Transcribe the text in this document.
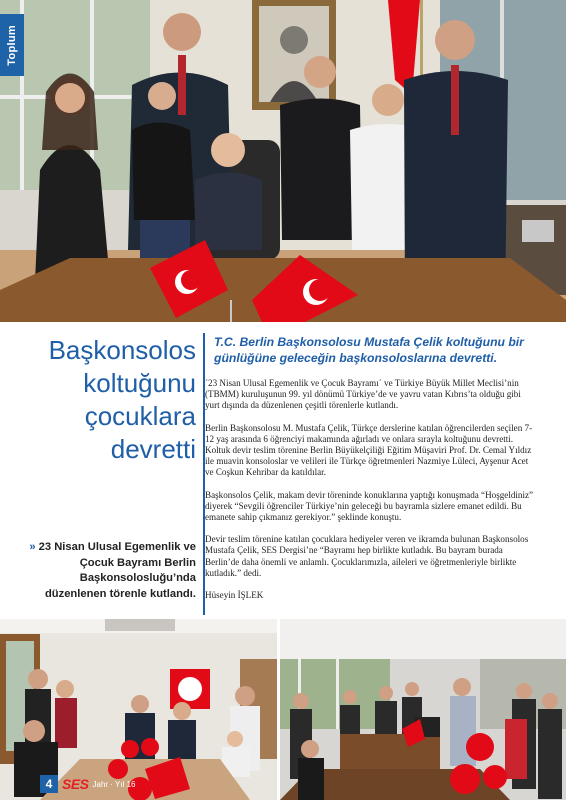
Toplum
Başkonsolos
koltuğunu
çocuklara
devretti
T.C. Berlin Başkonsolosu Mustafa Çelik koltuğunu bir günlüğüne geleceğin başkonsoloslarına devretti.

´23 Nisan Ulusal Egemenlik ve Çocuk Bayramı´ ve Türkiye Büyük Millet Meclisi’nin (TBMM) kuruluşunun 99. yıl dönümü Türkiye’de ve yavru vatan Kıbrıs’ta olduğu gibi yurt dışında da düzenlenen çeşitli törenlerle kutlandı.

Berlin Başkonsolosu M. Mustafa Çelik, Türkçe derslerine katılan öğrencilerden seçilen 7-12 yaş arasında 6 öğrenciyi makamında ağırladı ve onlara sırayla koltuğunu devretti. Koltuk devir teslim törenine Berlin Büyükelçiliği Eğitim Müşaviri Prof. Dr. Cemal Yıldız ile muavin konsoloslar ve velileri ile Türkçe öğretmenleri Nazmiye Lüleci, Ayşenur Acet ve Coşkun Kehribar da katıldılar.

Başkonsolos Çelik, makam devir töreninde konuklarına yaptığı konuşmada “Hoşgeldiniz” diyerek “Sevgili öğrenciler Türkiye’nin geleceği bu bayramla sizlere emanet edildi. Bu emanete sahip çıkmanız gerekiyor.” şeklinde konuştu.

Devir teslim törenine katılan çocuklara hediyeler veren ve ikramda bulunan Başkonsolos Mustafa Çelik, SES Dergisi’ne “Bayramı hep birlikte kutladık. Bu bayram burada Berlin’de daha önemli ve anlamlı. Çocuklarımızla, aileleri ve öğretmenleriyle birlikte kutladık.” dedi.

Hüseyin İŞLEK

» 23 Nisan Ulusal Egemenlik ve Çocuk Bayramı Berlin Başkonsolosluğu’nda düzenlenen törenle kutlandı.
4 SES Jahr · Yıl 16
